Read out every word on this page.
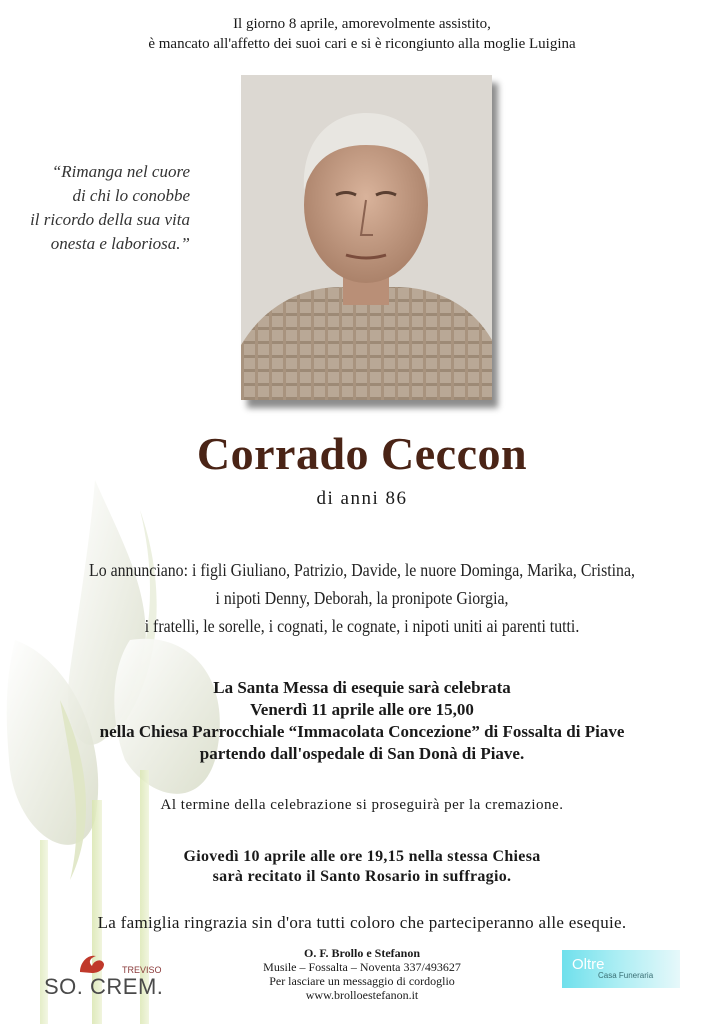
Il giorno 8 aprile, amorevolmente assistito,
è mancato all'affetto dei suoi cari e si è ricongiunto alla moglie Luigina
“Rimanga nel cuore
di chi lo conobbe
il ricordo della sua vita
onesta e laboriosa.”
Corrado Ceccon
di anni 86
Lo annunciano: i figli Giuliano, Patrizio, Davide, le nuore Dominga, Marika, Cristina,
i nipoti Denny, Deborah, la pronipote Giorgia,
i fratelli, le sorelle, i cognati, le cognate, i nipoti uniti ai parenti tutti.
La Santa Messa di esequie sarà celebrata
Venerdì 11 aprile alle ore 15,00
nella Chiesa Parrocchiale “Immacolata Concezione” di Fossalta di Piave
partendo dall'ospedale di San Donà di Piave.
Al termine della celebrazione si proseguirà per la cremazione.
Giovedì 10 aprile alle ore 19,15 nella stessa Chiesa
sarà recitato il Santo Rosario in suffragio.
La famiglia ringrazia sin d'ora tutti coloro che parteciperanno alle esequie.
TREVISO
SO. CREM.
O. F. Brollo e Stefanon
Musile – Fossalta – Noventa 337/493627
Per lasciare un messaggio di cordoglio
www.brolloestefanon.it
Oltre
Casa Funeraria
